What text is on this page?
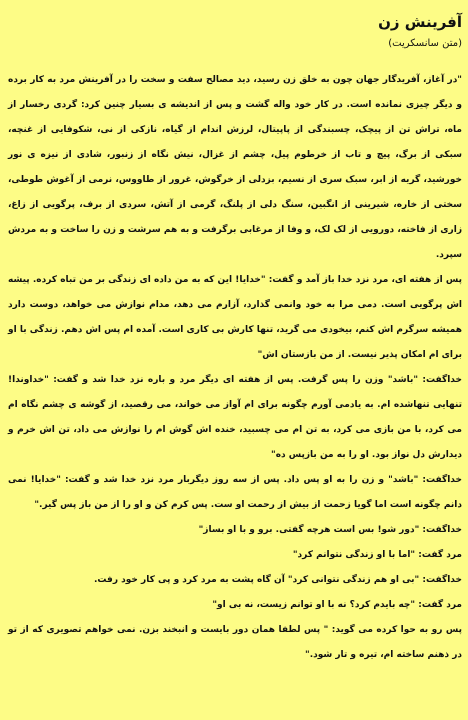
آفرینش زن
(متن سانسکریت)

"در آغاز، آفریدگار جهان چون به خلق زن رسید، دید مصالح سفت و سخت را در آفرینش مرد به کار برده و دیگر چیزی نمانده است. در کار خود واله گشت و پس از اندیشه ی بسیار چنین کرد: گردی رخسار از ماه، تراش تن از پیچک، چسبندگی از پاپیتال، لرزش اندام از گیاه، نازکی از نی، شکوفایی از غنچه، سبکی از برگ، پیچ و تاب از خرطوم پیل، چشم از غزال، نیش نگاه از زنبور، شادی از نیزه ی نور خورشید، گریه از ابر، سبک سری از نسیم، بزدلی از خرگوش، غرور از طاووس، نرمی از آغوش طوطی، سختی از خاره، شیرینی از انگبین، سنگ دلی از پلنگ، گرمی از آتش، سردی از برف، پرگویی از زاغ، زاری از فاخته، دورویی از لک لک، و وفا از مرغابی برگرفت و به هم سرشت و زن را ساخت و به مردش سپرد.

پس از هفته ای، مرد نزد خدا باز آمد و گفت: "خدایا! این که به من داده ای زندگی بر من تباه کرده. پیشه اش پرگویی است. دمی مرا به خود وانمی گذارد، آزارم می دهد، مدام نوازش می خواهد، دوست دارد همیشه سرگرم اش کنم، بیخودی می گرید، تنها کارش بی کاری است. آمده ام پس اش دهم. زندگی با او برای ام امکان پذیر نیست. از من بازستان اش"

خداگفت: "باشد" وزن را پس گرفت. پس از هفته ای دیگر مرد و باره نزد خدا شد و گفت: "خداوندا! تنهایی تنهاشده ام. به یادمی آورم چگونه برای ام آواز می خواند، می رقصید، از گوشه ی چشم نگاه ام می کرد، با من بازی می کرد، به تن ام می چسبید، خنده اش گوش ام را نوازش می داد، تن اش خرم و دیدارش دل نواز بود. او را به من بازپس ده"

خداگفت: "باشد" و زن را به او پس داد. پس از سه روز دیگربار مرد نزد خدا شد و گفت: "خدایا! نمی دانم چگونه است اما گویا زحمت از بیش از رحمت او ست. پس کرم کن و او را از من باز پس گیر."

خداگفت: "دور شو! بس است هرچه گفتی. برو و با او بساز"

مرد گفت: "اما با او زندگی نتوانم کرد"

خداگفت: "بی او هم زندگی نتوانی کرد" آن گاه پشت به مرد کرد و پی کار خود رفت.

مرد گفت: "چه بایدم کرد؟ نه با او توانم زیست، نه بی او"

پس رو به حوا کرده می گوید: " پس لطفا همان دور بایست و انبخند بزن. نمی خواهم تصویری که از تو در ذهنم ساخته ام، تیره و تار شود."
